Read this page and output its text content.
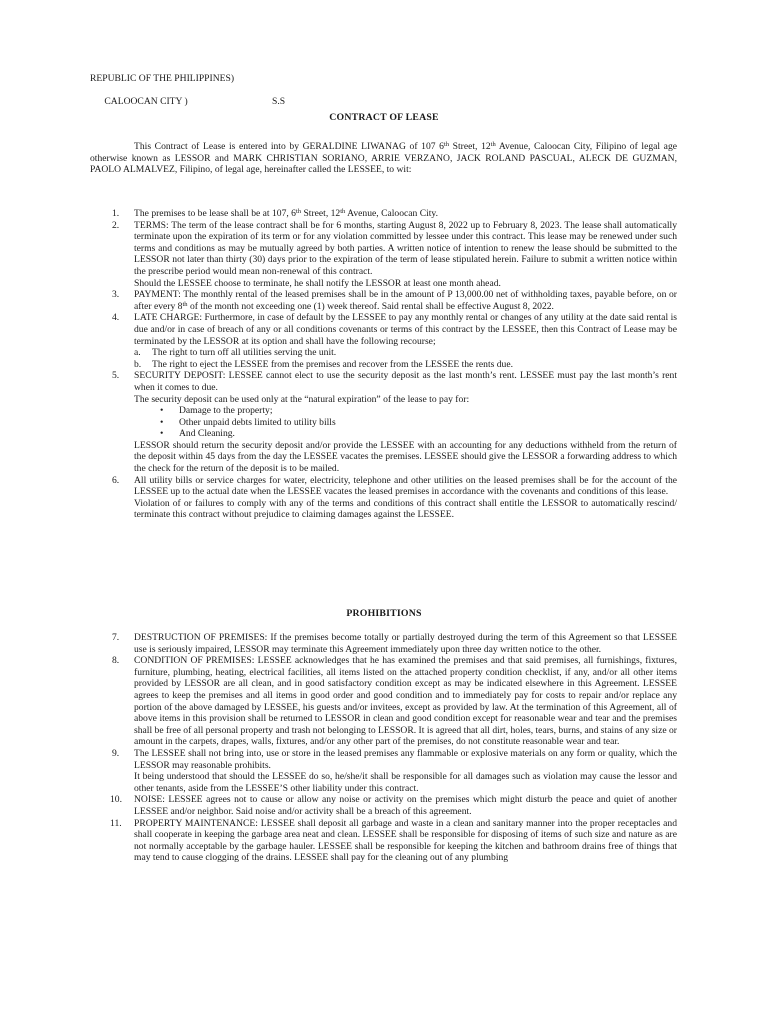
REPUBLIC OF THE PHILIPPINES)

CALOOCAN CITY )	S.S

CONTRACT OF LEASE
This Contract of Lease is entered into by GERALDINE LIWANAG of 107 6th Street, 12th Avenue, Caloocan City, Filipino of legal age otherwise known as LESSOR and MARK CHRISTIAN SORIANO, ARRIE VERZANO, JACK ROLAND PASCUAL, ALECK DE GUZMAN, PAOLO ALMALVEZ, Filipino, of legal age, hereinafter called the LESSEE, to wit:
1.	The premises to be lease shall be at 107, 6th Street, 12th Avenue, Caloocan City.
2.	TERMS: The term of the lease contract shall be for 6 months, starting August 8, 2022 up to February 8, 2023. The lease shall automatically terminate upon the expiration of its term or for any violation committed by lessee under this contract. This lease may be renewed under such terms and conditions as may be mutually agreed by both parties. A written notice of intention to renew the lease should be submitted to the LESSOR not later than thirty (30) days prior to the expiration of the term of lease stipulated herein. Failure to submit a written notice within the prescribe period would mean non-renewal of this contract.
Should the LESSEE choose to terminate, he shall notify the LESSOR at least one month ahead.
3.	PAYMENT: The monthly rental of the leased premises shall be in the amount of P 13,000.00 net of withholding taxes, payable before, on or after every 8th of the month not exceeding one (1) week thereof. Said rental shall be effective August 8, 2022.
4.	LATE CHARGE: Furthermore, in case of default by the LESSEE to pay any monthly rental or changes of any utility at the date said rental is due and/or in case of breach of any or all conditions covenants or terms of this contract by the LESSEE, then this Contract of Lease may be terminated by the LESSOR at its option and shall have the following recourse;
a. The right to turn off all utilities serving the unit.
b. The right to eject the LESSEE from the premises and recover from the LESSEE the rents due.
5.	SECURITY DEPOSIT: LESSEE cannot elect to use the security deposit as the last month’s rent. LESSEE must pay the last month’s rent when it comes to due.
The security deposit can be used only at the “natural expiration” of the lease to pay for:
• Damage to the property;
• Other unpaid debts limited to utility bills
• And Cleaning.
LESSOR should return the security deposit and/or provide the LESSEE with an accounting for any deductions withheld from the return of the deposit within 45 days from the day the LESSEE vacates the premises. LESSEE should give the LESSOR a forwarding address to which the check for the return of the deposit is to be mailed.
6.	All utility bills or service charges for water, electricity, telephone and other utilities on the leased premises shall be for the account of the LESSEE up to the actual date when the LESSEE vacates the leased premises in accordance with the covenants and conditions of this lease.
Violation of or failures to comply with any of the terms and conditions of this contract shall entitle the LESSOR to automatically rescind/ terminate this contract without prejudice to claiming damages against the LESSEE.
PROHIBITIONS
7.	DESTRUCTION OF PREMISES: If the premises become totally or partially destroyed during the term of this Agreement so that LESSEE use is seriously impaired, LESSOR may terminate this Agreement immediately upon three day written notice to the other.
8.	CONDITION OF PREMISES: LESSEE acknowledges that he has examined the premises and that said premises, all furnishings, fixtures, furniture, plumbing, heating, electrical facilities, all items listed on the attached property condition checklist, if any, and/or all other items provided by LESSOR are all clean, and in good satisfactory condition except as may be indicated elsewhere in this Agreement. LESSEE agrees to keep the premises and all items in good order and good condition and to immediately pay for costs to repair and/or replace any portion of the above damaged by LESSEE, his guests and/or invitees, except as provided by law. At the termination of this Agreement, all of above items in this provision shall be returned to LESSOR in clean and good condition except for reasonable wear and tear and the premises shall be free of all personal property and trash not belonging to LESSOR. It is agreed that all dirt, holes, tears, burns, and stains of any size or amount in the carpets, drapes, walls, fixtures, and/or any other part of the premises, do not constitute reasonable wear and tear.
9.	The LESSEE shall not bring into, use or store in the leased premises any flammable or explosive materials on any form or quality, which the LESSOR may reasonable prohibits.
It being understood that should the LESSEE do so, he/she/it shall be responsible for all damages such as violation may cause the lessor and other tenants, aside from the LESSEE’S other liability under this contract.
10.	NOISE: LESSEE agrees not to cause or allow any noise or activity on the premises which might disturb the peace and quiet of another LESSEE and/or neighbor. Said noise and/or activity shall be a breach of this agreement.
11.	PROPERTY MAINTENANCE: LESSEE shall deposit all garbage and waste in a clean and sanitary manner into the proper receptacles and shall cooperate in keeping the garbage area neat and clean. LESSEE shall be responsible for disposing of items of such size and nature as are not normally acceptable by the garbage hauler. LESSEE shall be responsible for keeping the kitchen and bathroom drains free of things that may tend to cause clogging of the drains. LESSEE shall pay for the cleaning out of any plumbing
